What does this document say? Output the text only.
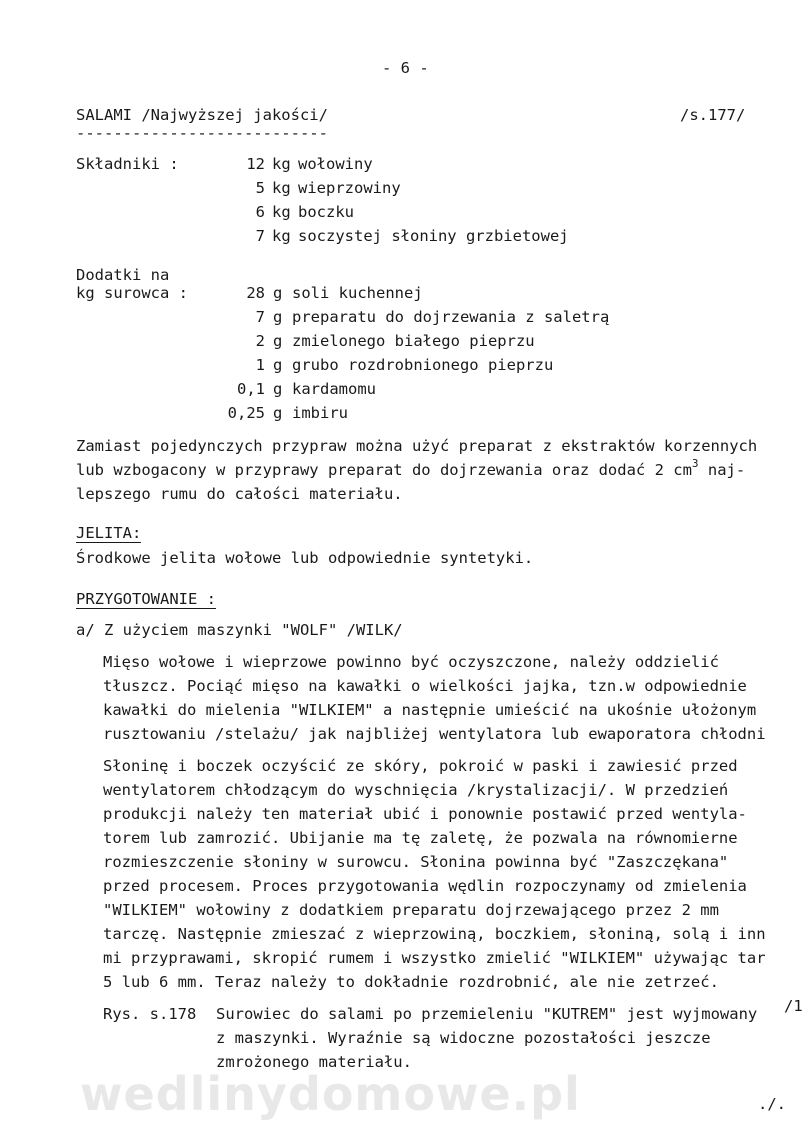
- 6 -
SALAMI /Najwyższej jakości/
---------------------------
/s.177/
Składniki :	12 kg wołowiny
5 kg wieprzowiny
6 kg boczku
7 kg soczystej słoniny grzbietowej
Dodatki na
kg surowca :	28 g soli kuchennej
7 g preparatu do dojrzewania z saletrą
2 g zmielonego białego pieprzu
1 g grubo rozdrobnionego pieprzu
0,1 g kardamomu
0,25 g imbiru
Zamiast pojedynczych przypraw można użyć preparat z ekstraktów korzennych
lub wzbogacony w przyprawy preparat do dojrzewania oraz dodać 2 $cm^3$ naj-
lepszego rumu do całości materiału.
JELITA:
Środkowe jelita wołowe lub odpowiednie syntetyki.
PRZYGOTOWANIE :
a/ Z użyciem maszynki "WOLF" /WILK/
Mięso wołowe i wieprzowe powinno być oczyszczone, należy oddzielić
tłuszcz. Pociąć mięso na kawałki o wielkości jajka, tzn.w odpowiednie
kawałki do mielenia "WILKIEM" a następnie umieścić na ukośnie ułożonym
rusztowaniu /stelażu/ jak najbliżej wentylatora lub ewaporatora chłodni
Słoninę i boczek oczyścić ze skóry, pokroić w paski i zawiesić przed
wentylatorem chłodzącym do wyschnięcia /krystalizacji/. W przedzień
produkcji należy ten materiał ubić i ponownie postawić przed wentyla-
torem lub zamrozić. Ubijanie ma tę zaletę, że pozwala na równomierne
rozmieszczenie słoniny w surowcu. Słonina powinna być "Zaszczękana"
przed procesem. Proces przygotowania wędlin rozpoczynamy od zmielenia
"WILKIEM" wołowiny z dodatkiem preparatu dojrzewającego przez 2 mm
tarczę. Następnie zmieszać z wieprzowiną, boczkiem, słoniną, solą i inn
mi przyprawami, skropić rumem i wszystko zmielić "WILKIEM" używając tar
5 lub 6 mm. Teraz należy to dokładnie rozdrobnić, ale nie zetrzeć.
Rys. s.178 Surowiec do salami po przemieleniu "KUTREM" jest wyjmowany /1
z maszynki. Wyraźnie są widoczne pozostałości jeszcze
zmrożonego materiału.
wedlinydomowe.pl	./.
